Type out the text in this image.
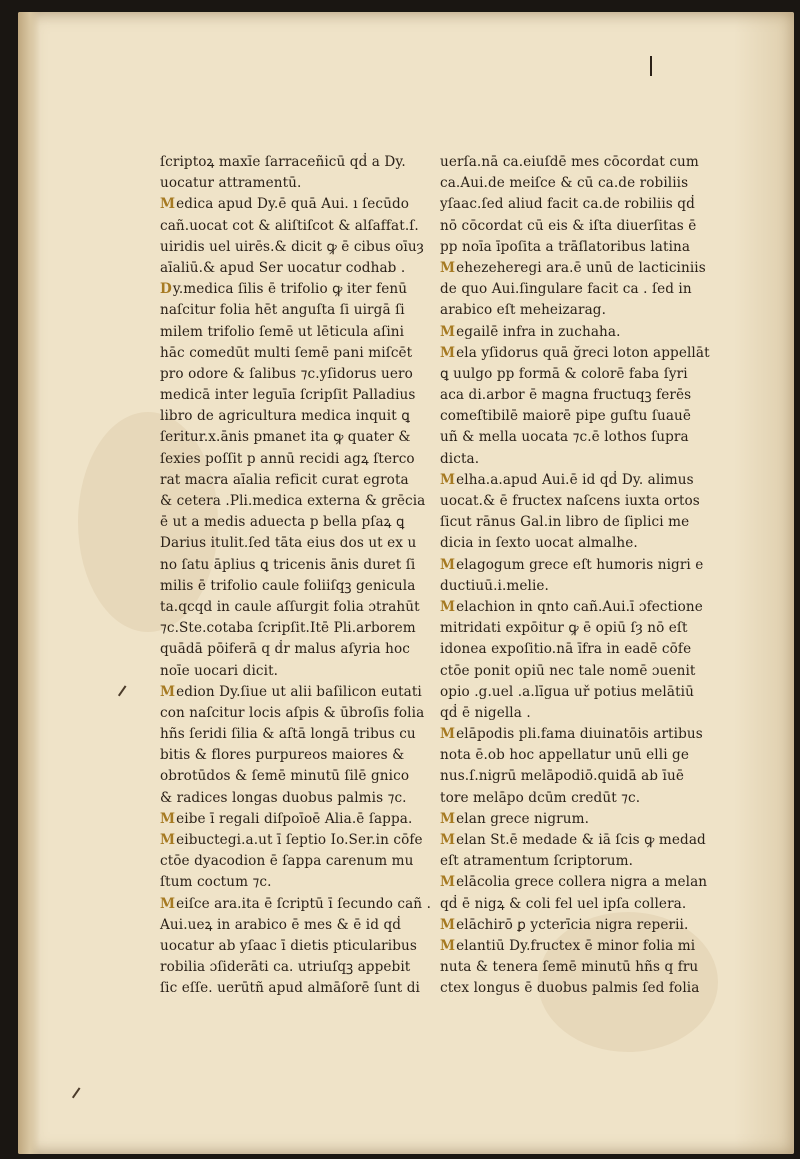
ſcriptoꝝ maxīe ſarraceñicū qḋ a Dy.
uocatur attramentū.
Medica apud Dy.ē quā Aui. ı ſecūdo
cañ.uocat cot & aliſtiſcot & alſaffat.ſ.
uiridis uel uirēs.& dicit ꝙ ē cibus oīuȝ
aīaliū.& apud Ser uocatur codhab .
Dy.medica ſilis ē trifolio ꝙ iter fenū
naſcitur folia hēt anguſta ſi uirgā ſi
milem trifolio ſemē ut lēticula aſini
hāc comedūt multi ſemē pani miſcēt
pro odore & ſalibus ⁊c.yſidorus uero
medicā inter leguīa ſcripſit Palladius
libro de agricultura medica inquit ꝗ
ſeritur.x.ānis pmanet ita ꝙ quater &
ſexies poſſit p annū recidi agꝝ ſterco
rat macra aīalia reficit curat egrota
& cetera .Pli.medica externa & grēcia
ē ut a medis aduecta p bella pſaꝝ ꝗ
Darius itulit.ſed tāta eius dos ut ex u
no ſatu āplius ꝗ tricenis ānis duret ſi
milis ē trifolio caule foliiſqꝫ genicula
ta.qcqd in caule aſſurgit folia ɔtrahūt
⁊c.Ste.cotaba ſcripſit.Itē Pli.arborem
quādā pōiferā q ḋr malus aſyria hoc
noīe uocari dicit.
Medion Dy.ſiue ut alii baſilicon eutati
con naſcitur locis aſpis & ūbroſis folia
hñs ſeridi ſilia & aſtā longā tribus cu
bitis & flores purpureos maiores &
obrotūdos & ſemē minutū ſilē gnico
& radices longas duobus palmis ⁊c.
Meibe ī regali diſpoīoē Alia.ē ſappa.
Meibuctegi.a.ut ī ſeptio Io.Ser.in cōfe
ctōe dyacodion ē ſappa carenum mu
ſtum coctum ⁊c.
Meiſce ara.ita ē ſcriptū ī ſecundo cañ .
Aui.ueꝝ in arabico ē mes & ē id qḋ
uocatur ab yſaac ī dietis pticularibus
robilia ɔſiderāti ca. utriuſqꝫ appebit
ſic eſſe. uerūtñ apud almāſorē ſunt di
uerſa.nā ca.eiuſdē mes cōcordat cum
ca.Aui.de meiſce & cū ca.de robiliis
yſaac.ſed aliud facit ca.de robiliis qḋ
nō cōcordat cū eis & iſta diuerſitas ē
pp noīa īpoſita a trāſlatoribus latina
Mehezeheregi ara.ē unū de lacticiniis
de quo Aui.ſingulare facit ca . ſed in
arabico eſt meheizarag.
Megailē infra in zuchaha.
Mela yſidorus quā ğreci loton appellāt
ꝗ uulgo pp formā & colorē faba ſyri
aca di.arbor ē magna fructuqꝫ ferēs
comeſtibilē maiorē pipe guſtu ſuauē
uñ & mella uocata ⁊c.ē lothos ſupra
dicta.
Melha.a.apud Aui.ē id qḋ Dy. alimus
uocat.& ē fructex naſcens iuxta ortos
ſicut rānus Gal.in libro de ſiplici me
dicia in ſexto uocat almalhe.
Melagogum grece eſt humoris nigri e
ductiuū.i.melie.
Melachion in qnto cañ.Aui.ī ɔfectione
mitridati expōitur ꝙ ē opiū ſȝ nō eſt
idonea expoſitio.nā īfra in eadē cōfe
ctōe ponit opiū nec tale nomē ɔuenit
opio .g.uel .a.līgua uř potius melātiū
qḋ ē nigella .
Melāpodis pli.fama diuinatōis artibus
nota ē.ob hoc appellatur unū elli ge
nus.ſ.nigrū melāpodiō.quidā ab īuē
tore melāpo dcūm credūt ⁊c.
Melan grece nigrum.
Melan St.ē medade & iā ſcis ꝙ medad
eſt atramentum ſcriptorum.
Melācolia grece collera nigra a melan
qḋ ē nigꝝ & coli fel uel ipſa collera.
Melāchirō ꝑ ycterīcia nigra reperii.
Melantiū Dy.fructex ē minor folia mi
nuta & tenera ſemē minutū hñs q fru
ctex longus ē duobus palmis ſed folia
